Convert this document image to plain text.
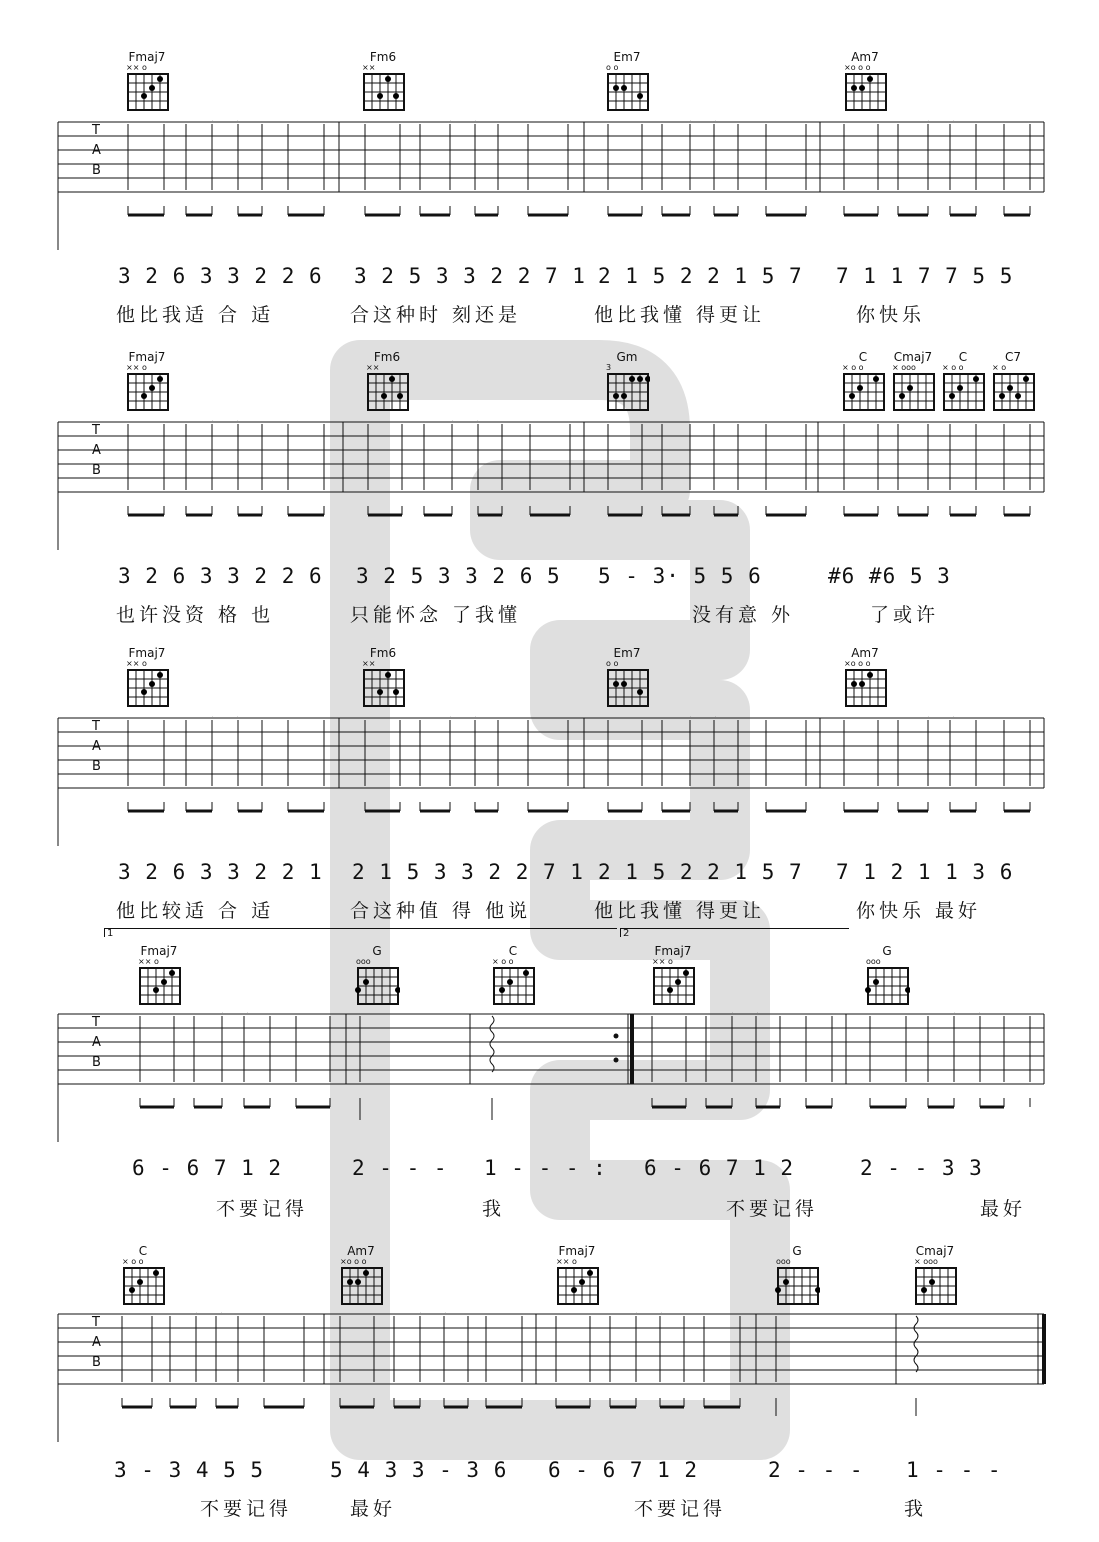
Fmaj7
×× o
Fm6
××
Em7
o o
Am7
×o o o
T
A
B
3 2 6 3 3 2 2 6 3 2 5 3 3 2 2 7 1 2 1 5 2 2 1 5 7 7 1 1 7 7 5 5
他比我适 合 适	合这种时 刻还是	他比我懂 得更让	你快乐
Fmaj7
×× o
Fm6
××
Gm
3
C
× o o
Cmaj7
× ooo
C
× o o
C7
× o
T
A
B
3 2 6 3 3 2 2 6 3 2 5 3 3 2 6 5 5 - 3· 5 5 6	#6 #6 5 3
也许没资 格 也	只能怀念 了我懂	没有意 外	了或许
Fmaj7
×× o
Fm6
××
Em7
o o
Am7
×o o o
T
A
B
3 2 6 3 3 2 2 1 2 1 5 3 3 2 2 7 1 2 1 5 2 2 1 5 7 7 1 2 1 1 3 6
他比较适 合 适	合这种值 得 他说	他比我懂 得更让	你快乐 最好
1	2
Fmaj7
×× o
G
ooo
C
× o o
Fmaj7
×× o
G
ooo
T
A
B
6 - 6 7 1 2	2 - - - 1 - - - : 6 - 6 7 1 2	2 - - 3 3
不要记得	我	不要记得	最好
C
× o o
Am7
×o o o
Fmaj7
×× o
G
ooo
Cmaj7
× ooo
T
A
B
3 - 3 4 5 5	5 4 3 3 - 3 6 6 - 6 7 1 2	2 - - - 1 - - -
不要记得	最好	不要记得	我
